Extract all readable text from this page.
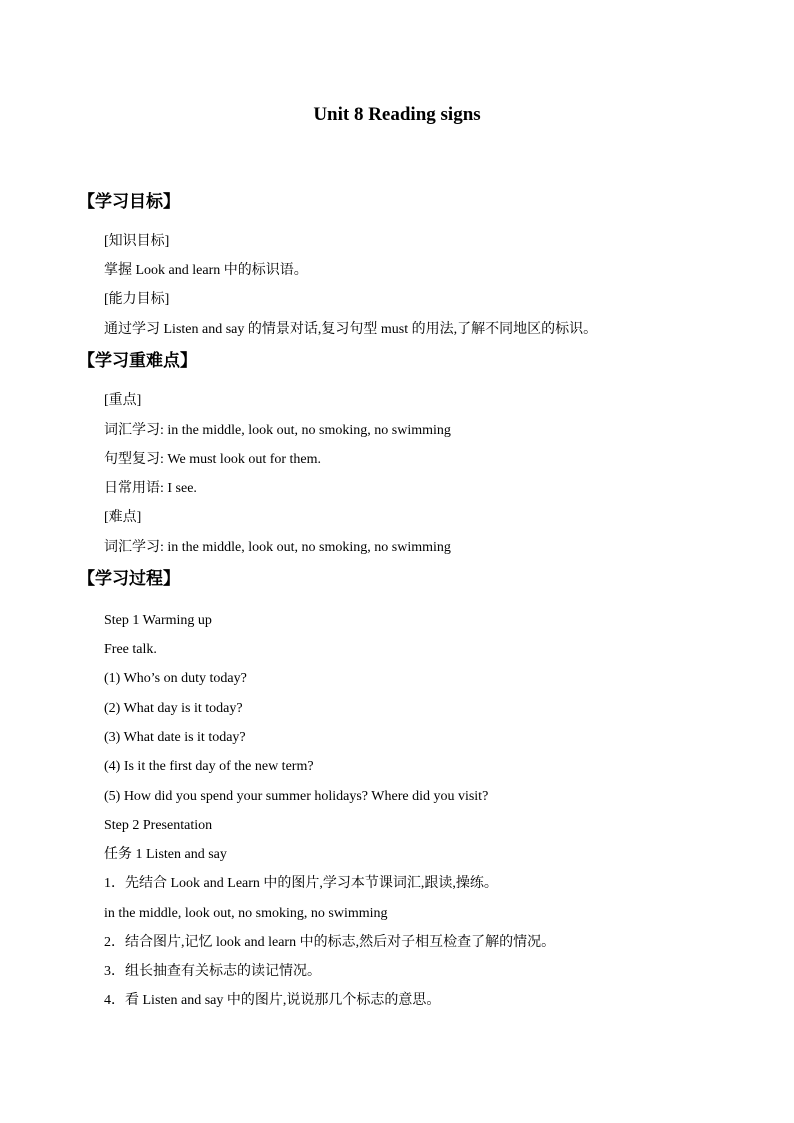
Unit 8 Reading signs
【学习目标】
[知识目标]
掌握 Look and learn 中的标识语。
[能力目标]
通过学习 Listen and say 的情景对话,复习句型 must 的用法,了解不同地区的标识。
【学习重难点】
[重点]
词汇学习: in the middle, look out, no smoking, no swimming
句型复习: We must look out for them.
日常用语: I see.
[难点]
词汇学习: in the middle, look out, no smoking, no swimming
【学习过程】
Step 1 Warming up
Free talk.
(1) Who’s on duty today?
(2) What day is it today?
(3) What date is it today?
(4) Is it the first day of the new term?
(5) How did you spend your summer holidays? Where did you visit?
Step 2 Presentation
任务 1 Listen and say
1．先结合 Look and Learn 中的图片,学习本节课词汇,跟读,操练。
in the middle, look out, no smoking, no swimming
2．结合图片,记忆 look and learn 中的标志,然后对子相互检查了解的情况。
3．组长抽查有关标志的读记情况。
4．看 Listen and say 中的图片,说说那几个标志的意思。
